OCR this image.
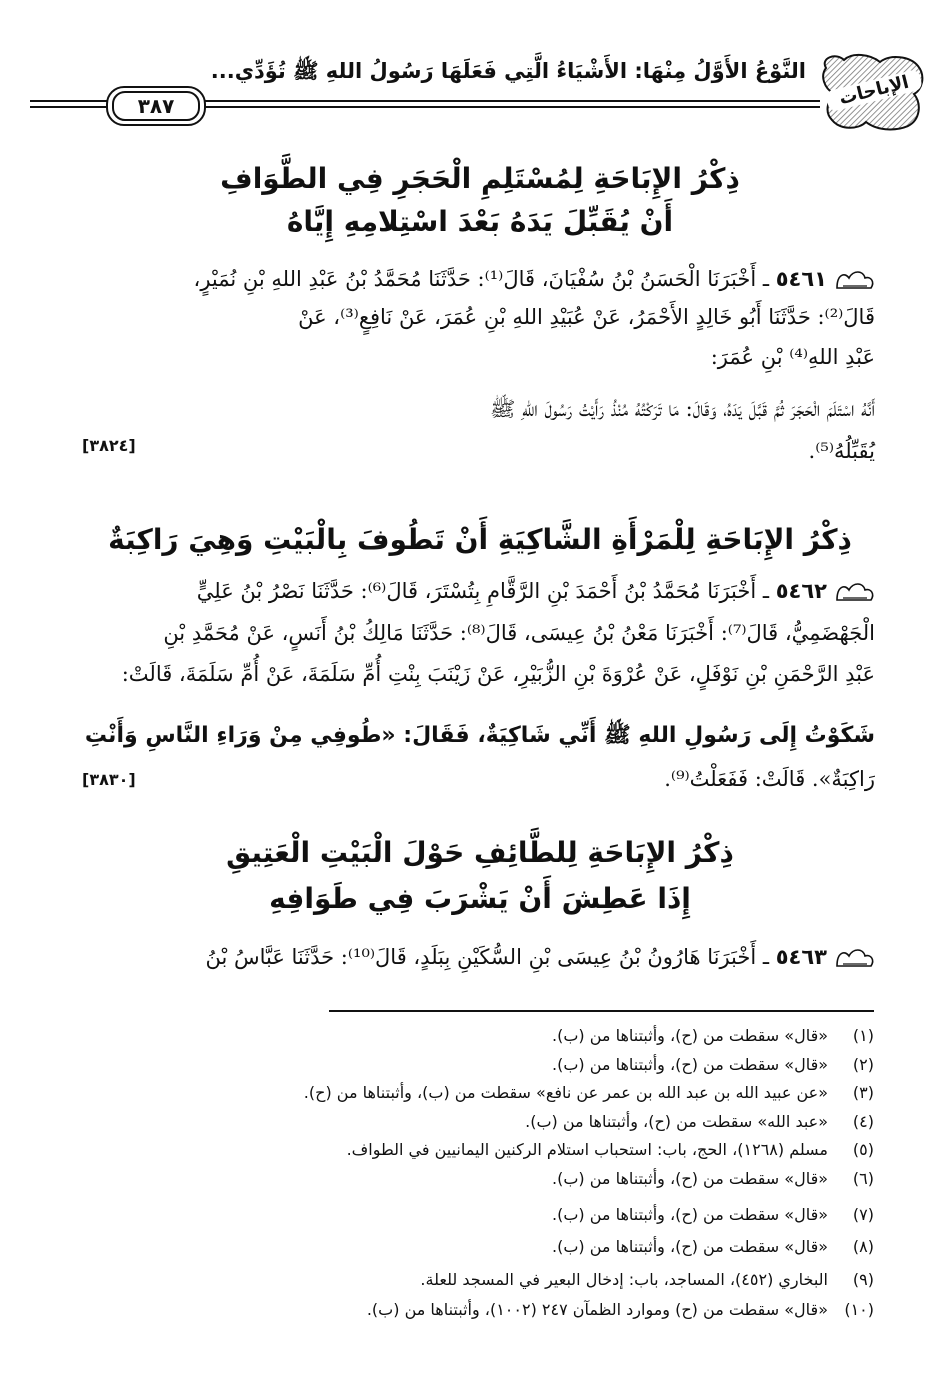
الإباحات
النَّوْعُ الأَوَّلُ مِنْهَا: الأَشْيَاءُ الَّتِي فَعَلَهَا رَسُولُ اللهِ ﷺ تُؤَدِّي...
٣٨٧
ذِكْرُ الإِبَاحَةِ لِمُسْتَلِمِ الْحَجَرِ فِي الطَّوَافِ
أَنْ يُقَبِّلَ يَدَهُ بَعْدَ اسْتِلامِهِ إِيَّاهُ
٥٤٦١ ـ أَخْبَرَنَا الْحَسَنُ بْنُ سُفْيَانَ، قَالَ⁽¹⁾: حَدَّثَنَا مُحَمَّدُ بْنُ عَبْدِ اللهِ بْنِ نُمَيْرٍ،
قَالَ⁽²⁾: حَدَّثَنَا أَبُو خَالِدٍ الأَحْمَرُ، عَنْ عُبَيْدِ اللهِ بْنِ عُمَرَ، عَنْ نَافِعٍ⁽³⁾، عَنْ
عَبْدِ اللهِ⁽⁴⁾ بْنِ عُمَرَ:
أَنَّهُ اسْتَلَمَ الْحَجَرَ ثُمَّ قَبَّلَ يَدَهُ، وَقَالَ: مَا تَرَكْتُهُ مُنْذُ رَأَيْتُ رَسُولَ اللهِ ﷺ
يُقَبِّلُهُ⁽⁵⁾.
[٣٨٢٤]
ذِكْرُ الإِبَاحَةِ لِلْمَرْأَةِ الشَّاكِيَةِ أَنْ تَطُوفَ بِالْبَيْتِ وَهِيَ رَاكِبَةٌ
٥٤٦٢ ـ أَخْبَرَنَا مُحَمَّدُ بْنُ أَحْمَدَ بْنِ الرَّقَّامِ بِتُسْتَرَ، قَالَ⁽⁶⁾: حَدَّثَنَا نَصْرُ بْنُ عَلِيٍّ
الْجَهْضَمِيُّ، قَالَ⁽⁷⁾: أَخْبَرَنَا مَعْنُ بْنُ عِيسَى، قَالَ⁽⁸⁾: حَدَّثَنَا مَالِكُ بْنُ أَنَسٍ، عَنْ مُحَمَّدِ بْنِ
عَبْدِ الرَّحْمَنِ بْنِ نَوْفَلٍ، عَنْ عُرْوَةَ بْنِ الزُّبَيْرِ، عَنْ زَيْنَبَ بِنْتِ أُمِّ سَلَمَةَ، عَنْ أُمِّ سَلَمَةَ، قَالَتْ:
شَكَوْتُ إِلَى رَسُولِ اللهِ ﷺ أَنِّي شَاكِيَةٌ، فَقَالَ: «طُوفِي مِنْ وَرَاءِ النَّاسِ وَأَنْتِ
رَاكِبَةٌ». قَالَتْ: فَفَعَلْتُ⁽⁹⁾.
[٣٨٣٠]
ذِكْرُ الإِبَاحَةِ لِلطَّائِفِ حَوْلَ الْبَيْتِ الْعَتِيقِ
إِذَا عَطِشَ أَنْ يَشْرَبَ فِي طَوَافِهِ
٥٤٦٣ ـ أَخْبَرَنَا هَارُونُ بْنُ عِيسَى بْنِ السُّكَيْنِ بِبَلَدٍ، قَالَ⁽¹⁰⁾: حَدَّثَنَا عَبَّاسُ بْنُ
(١)«قال» سقطت من (ح)، وأثبتناها من (ب).
(٢)«قال» سقطت من (ح)، وأثبتناها من (ب).
(٣)«عن عبيد الله بن عبد الله بن عمر عن نافع» سقطت من (ب)، وأثبتناها من (ح).
(٤)«عبد الله» سقطت من (ح)، وأثبتناها من (ب).
(٥)مسلم (١٢٦٨)، الحج، باب: استحباب استلام الركنين اليمانيين في الطواف.
(٦)«قال» سقطت من (ح)، وأثبتناها من (ب).
(٧)«قال» سقطت من (ح)، وأثبتناها من (ب).
(٨)«قال» سقطت من (ح)، وأثبتناها من (ب).
(٩)البخاري (٤٥٢)، المساجد، باب: إدخال البعير في المسجد للعلة.
(١٠)«قال» سقطت من (ح) وموارد الظمآن ٢٤٧ (١٠٠٢)، وأثبتناها من (ب).
